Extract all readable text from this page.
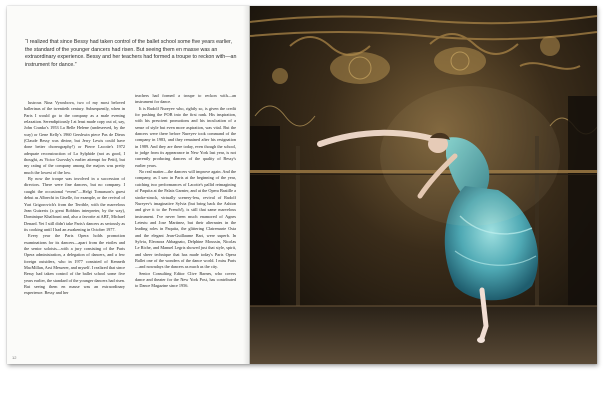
“I realized that since Bessy had taken control of the ballet school some five years earlier, the standard of the younger dancers had risen. But seeing them en masse was an extraordinary experience. Bessy and her teachers had formed a troupe to reckon with—an instrument for dance.”

lustrous Nina Vyroubova, two of my most beloved ballerinas of the twentieth century. Subsequently, when in Paris I would go to the company as a male evening relaxation. Serendipitously I at least made copy out of, say, John Cranko's 1953 La Belle Helene (undeserved, by the way) or Gene Kelly's 1960 Gershwin piece Pas de Dieux (Claude Bessy was divine, but Jerry Lewis could have done better choreography!) or Pierre Lacotte's 1972 adequate reconstruction of La Sylphide (not as good, I thought, as Victor Gsovsky's earlier attempt for Petit), but my rating of the company among the majors was pretty much the lowest of the low.

By now the troupe was involved in a succession of directors. There were fine dancers, but no company. I caught the occasional “event”—Helgi Tomasson's guest debut as Albrecht in Giselle, for example, or the revival of Yuri Grigorovich's from the Terrible, with the marvelous Jean Guizerix (a great Robbins interpreter, by the way), Dominique Khalfouni and, also a favorite at ABT, Michael Denard. Yet I still didn't take Paris's dancers as seriously as its cooking until I had an awakening in October 1977.

Every year the Paris Opera holds promotion examinations for its dancers—apart from the etoiles and the senior soloists—with a jury consisting of the Paris Opera administration, a delegation of dancers, and a few foreign outsiders, who in 1977 consisted of Kenneth MacMillan, Arsi Messerer, and myself. I realized that since Bessy had taken control of the ballet school some five years earlier, the standard of the younger dancers had risen. But seeing them en masse was an extraordinary experience. Bessy and her

teachers had formed a troupe to reckon with—an instrument for dance.

It is Rudolf Nureyev who, rightly so, is given the credit for pushing the POB into the first rank. His inspiration, with his prescient promotions and his inculcation of a sense of style but even more aspiration, was vital. But the dancers were there before Nureyev took command of the company in 1983, and they remained after his resignation in 1989. And they are there today, even though the school, to judge from its appearance in New York last year, is not currently producing dancers of the quality of Bessy's earlier years.

No real matter—the dancers will improve again. And the company, as I saw in Paris at the beginning of the year, catching two performances of Lacotte's pallid reimagining of Paquita at the Palais Garnier, and at the Opera Bastille a stroke-struck, virtually scenery-less, revival of Rudolf Nureyev's imaginative Sylvia (but bring back the Ashton and give it to the French!), is still that same marvelous instrument. I've never been much enamored of Agnes Letestu and Jose Martinez, but their alternates in the leading roles in Paquita, the glittering Clairemarie Osta and the elegant Jean-Guillaume Bart, were superb. In Sylvia, Eleonora Abbagnato, Delphine Moussin, Nicolas Le Riche, and Manuel Legris showed just that style, spirit, and sheer technique that has made today's Paris Opera Ballet one of the wonders of the dance world. I miss Paris—and nowadays the dancers as much as the city.

Senior Consulting Editor Clive Barnes, who covers dance and theater for the New York Post, has contributed to Dance Magazine since 1956.

12
